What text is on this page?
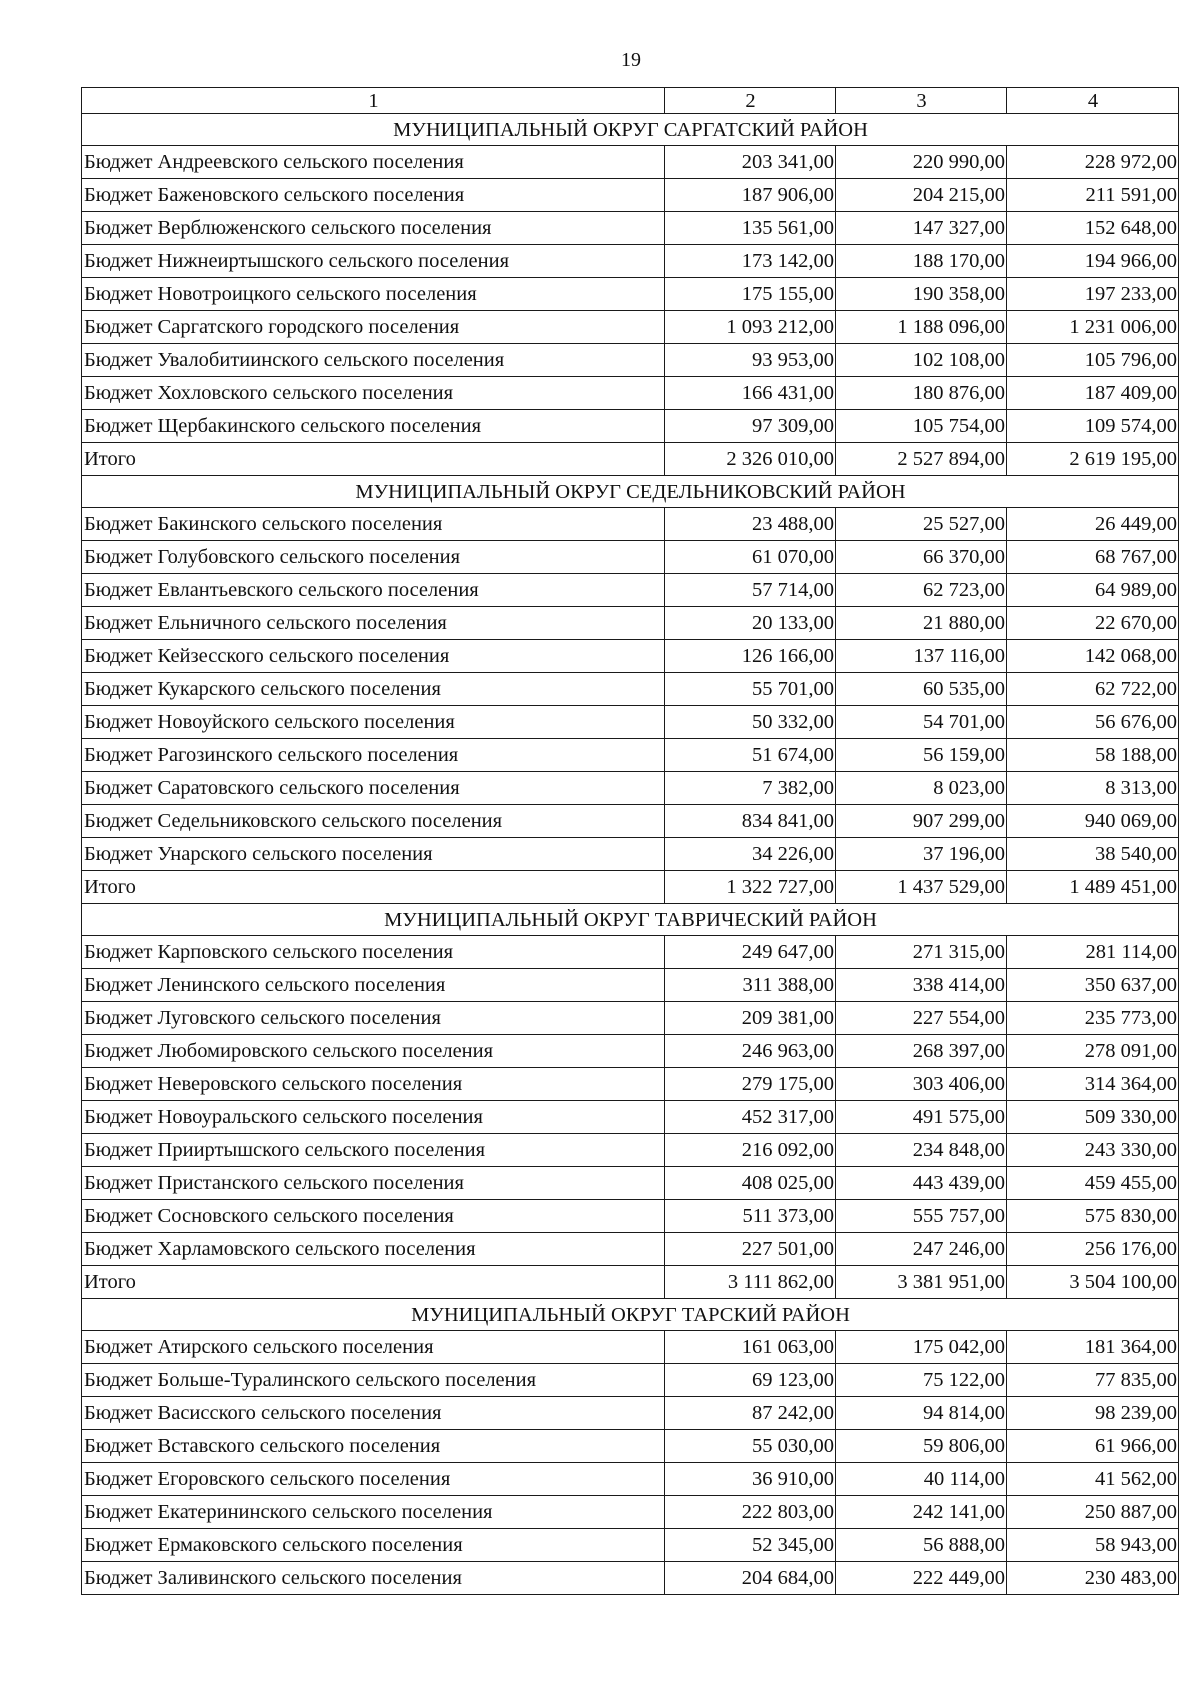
19
1	2	3	4
МУНИЦИПАЛЬНЫЙ ОКРУГ САРГАТСКИЙ РАЙОН			
Бюджет Андреевского сельского поселения	203 341,00	220 990,00	228 972,00
Бюджет Баженовского сельского поселения	187 906,00	204 215,00	211 591,00
Бюджет Верблюженского сельского поселения	135 561,00	147 327,00	152 648,00
Бюджет Нижнеиртышского сельского поселения	173 142,00	188 170,00	194 966,00
Бюджет Новотроицкого сельского поселения	175 155,00	190 358,00	197 233,00
Бюджет Саргатского городского поселения	1 093 212,00	1 188 096,00	1 231 006,00
Бюджет Увалобитиинского сельского поселения	93 953,00	102 108,00	105 796,00
Бюджет Хохловского сельского поселения	166 431,00	180 876,00	187 409,00
Бюджет Щербакинского сельского поселения	97 309,00	105 754,00	109 574,00
Итого	2 326 010,00	2 527 894,00	2 619 195,00
МУНИЦИПАЛЬНЫЙ ОКРУГ СЕДЕЛЬНИКОВСКИЙ РАЙОН			
Бюджет Бакинского сельского поселения	23 488,00	25 527,00	26 449,00
Бюджет Голубовского сельского поселения	61 070,00	66 370,00	68 767,00
Бюджет Евлантьевского сельского поселения	57 714,00	62 723,00	64 989,00
Бюджет Ельничного сельского поселения	20 133,00	21 880,00	22 670,00
Бюджет Кейзесского сельского поселения	126 166,00	137 116,00	142 068,00
Бюджет Кукарского сельского поселения	55 701,00	60 535,00	62 722,00
Бюджет Новоуйского сельского поселения	50 332,00	54 701,00	56 676,00
Бюджет Рагозинского сельского поселения	51 674,00	56 159,00	58 188,00
Бюджет Саратовского сельского поселения	7 382,00	8 023,00	8 313,00
Бюджет Седельниковского сельского поселения	834 841,00	907 299,00	940 069,00
Бюджет Унарского сельского поселения	34 226,00	37 196,00	38 540,00
Итого	1 322 727,00	1 437 529,00	1 489 451,00
МУНИЦИПАЛЬНЫЙ ОКРУГ ТАВРИЧЕСКИЙ РАЙОН			
Бюджет Карповского сельского поселения	249 647,00	271 315,00	281 114,00
Бюджет Ленинского сельского поселения	311 388,00	338 414,00	350 637,00
Бюджет Луговского сельского поселения	209 381,00	227 554,00	235 773,00
Бюджет Любомировского сельского поселения	246 963,00	268 397,00	278 091,00
Бюджет Неверовского сельского поселения	279 175,00	303 406,00	314 364,00
Бюджет Новоуральского сельского поселения	452 317,00	491 575,00	509 330,00
Бюджет Прииртышского сельского поселения	216 092,00	234 848,00	243 330,00
Бюджет Пристанского сельского поселения	408 025,00	443 439,00	459 455,00
Бюджет Сосновского сельского поселения	511 373,00	555 757,00	575 830,00
Бюджет Харламовского сельского поселения	227 501,00	247 246,00	256 176,00
Итого	3 111 862,00	3 381 951,00	3 504 100,00
МУНИЦИПАЛЬНЫЙ ОКРУГ ТАРСКИЙ РАЙОН			
Бюджет Атирского сельского поселения	161 063,00	175 042,00	181 364,00
Бюджет Больше-Туралинского сельского поселения	69 123,00	75 122,00	77 835,00
Бюджет Васисского сельского поселения	87 242,00	94 814,00	98 239,00
Бюджет Вставского сельского поселения	55 030,00	59 806,00	61 966,00
Бюджет Егоровского сельского поселения	36 910,00	40 114,00	41 562,00
Бюджет Екатерининского сельского поселения	222 803,00	242 141,00	250 887,00
Бюджет Ермаковского сельского поселения	52 345,00	56 888,00	58 943,00
Бюджет Заливинского сельского поселения	204 684,00	222 449,00	230 483,00
